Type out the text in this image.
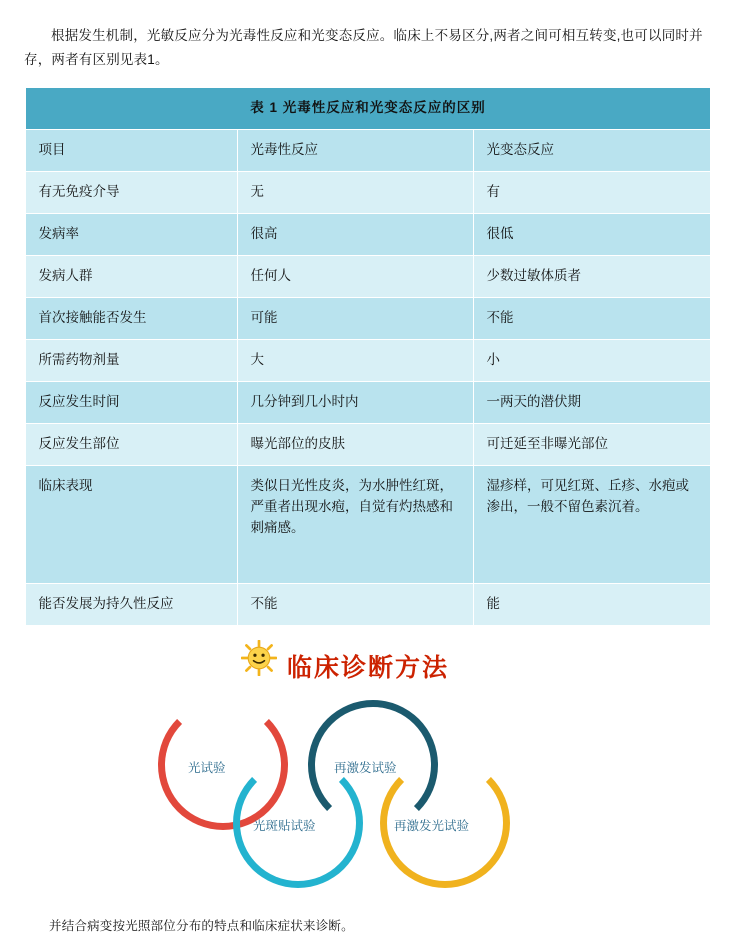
根据发生机制，光敏反应分为光毒性反应和光变态反应。临床上不易区分,两者之间可相互转变,也可以同时并存，两者有区别见表1。

表 1 光毒性反应和光变态反应的区别		
项目	光毒性反应	光变态反应
有无免疫介导	无	有
发病率	很高	很低
发病人群	任何人	少数过敏体质者
首次接触能否发生	可能	不能
所需药物剂量	大	小
反应发生时间	几分钟到几小时内	一两天的潜伏期
反应发生部位	曝光部位的皮肤	可迁延至非曝光部位
临床表现	类似日光性皮炎，为水肿性红斑，严重者出现水疱，自觉有灼热感和刺痛感。	湿疹样，可见红斑、丘疹、水疱或渗出，一般不留色素沉着。
能否发展为持久性反应	不能	能
临床诊断方法
光试验	再激发试验
光斑贴试验	再激发光试验

并结合病变按光照部位分布的特点和临床症状来诊断。
